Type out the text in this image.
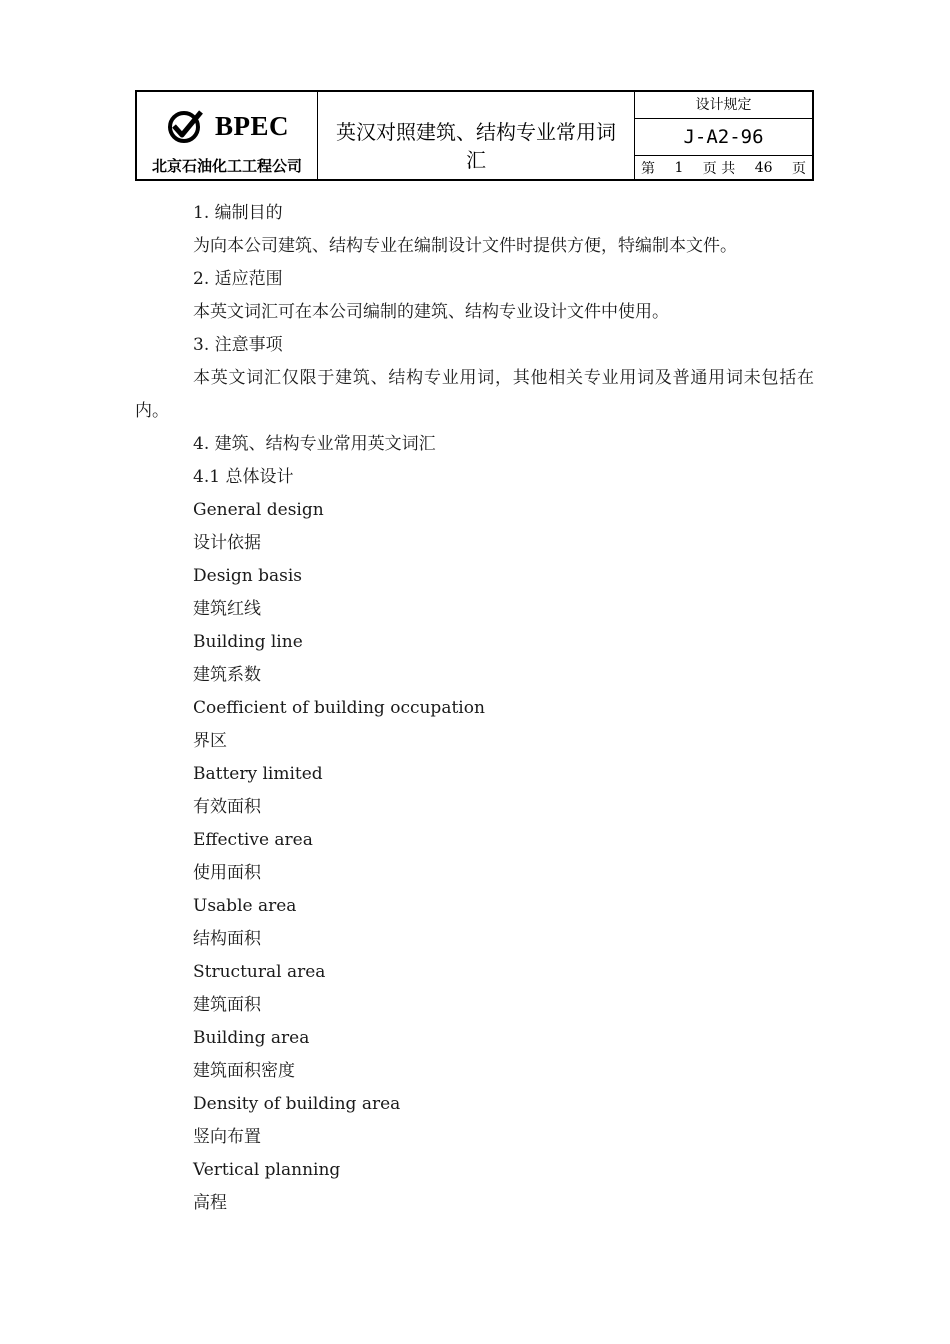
BPEC
北京石油化工工程公司
英汉对照建筑、结构专业常用词汇
设计规定
J-A2-96
第 1 页 共 46 页

1. 编制目的

为向本公司建筑、结构专业在编制设计文件时提供方便，特编制本文件。

2. 适应范围

本英文词汇可在本公司编制的建筑、结构专业设计文件中使用。

3. 注意事项

本英文词汇仅限于建筑、结构专业用词，其他相关专业用词及普通用词未包括在内。

4. 建筑、结构专业常用英文词汇

4.1 总体设计

General design

设计依据

Design basis

建筑红线

Building line

建筑系数

Coefficient of building occupation

界区

Battery limited

有效面积

Effective area

使用面积

Usable area

结构面积

Structural area

建筑面积

Building area

建筑面积密度

Density of building area

竖向布置

Vertical planning

高程
